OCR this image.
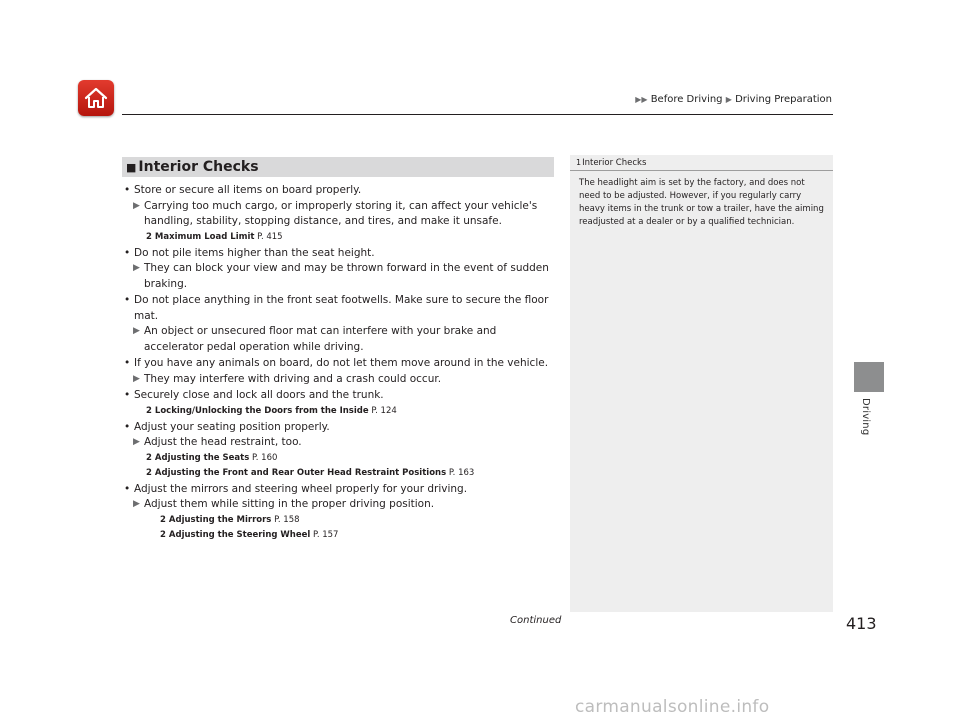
▶▶ Before Driving ▶ Driving Preparation
Driving
■ Interior Checks
• Store or secure all items on board properly.
▶ Carrying too much cargo, or improperly storing it, can affect your vehicle's handling, stability, stopping distance, and tires, and make it unsafe.
2 Maximum Load Limit P. 415
• Do not pile items higher than the seat height.
▶ They can block your view and may be thrown forward in the event of sudden braking.
• Do not place anything in the front seat footwells. Make sure to secure the floor mat.
▶ An object or unsecured floor mat can interfere with your brake and accelerator pedal operation while driving.
• If you have any animals on board, do not let them move around in the vehicle.
▶ They may interfere with driving and a crash could occur.
• Securely close and lock all doors and the trunk.
2 Locking/Unlocking the Doors from the Inside P. 124
• Adjust your seating position properly.
▶ Adjust the head restraint, too.
2 Adjusting the Seats P. 160
2 Adjusting the Front and Rear Outer Head Restraint Positions P. 163
• Adjust the mirrors and steering wheel properly for your driving.
▶ Adjust them while sitting in the proper driving position.
2 Adjusting the Mirrors P. 158
2 Adjusting the Steering Wheel P. 157
1Interior Checks
The headlight aim is set by the factory, and does not need to be adjusted. However, if you regularly carry heavy items in the trunk or tow a trailer, have the aiming readjusted at a dealer or by a qualified technician.
Continued	413
carmanualsonline.info
